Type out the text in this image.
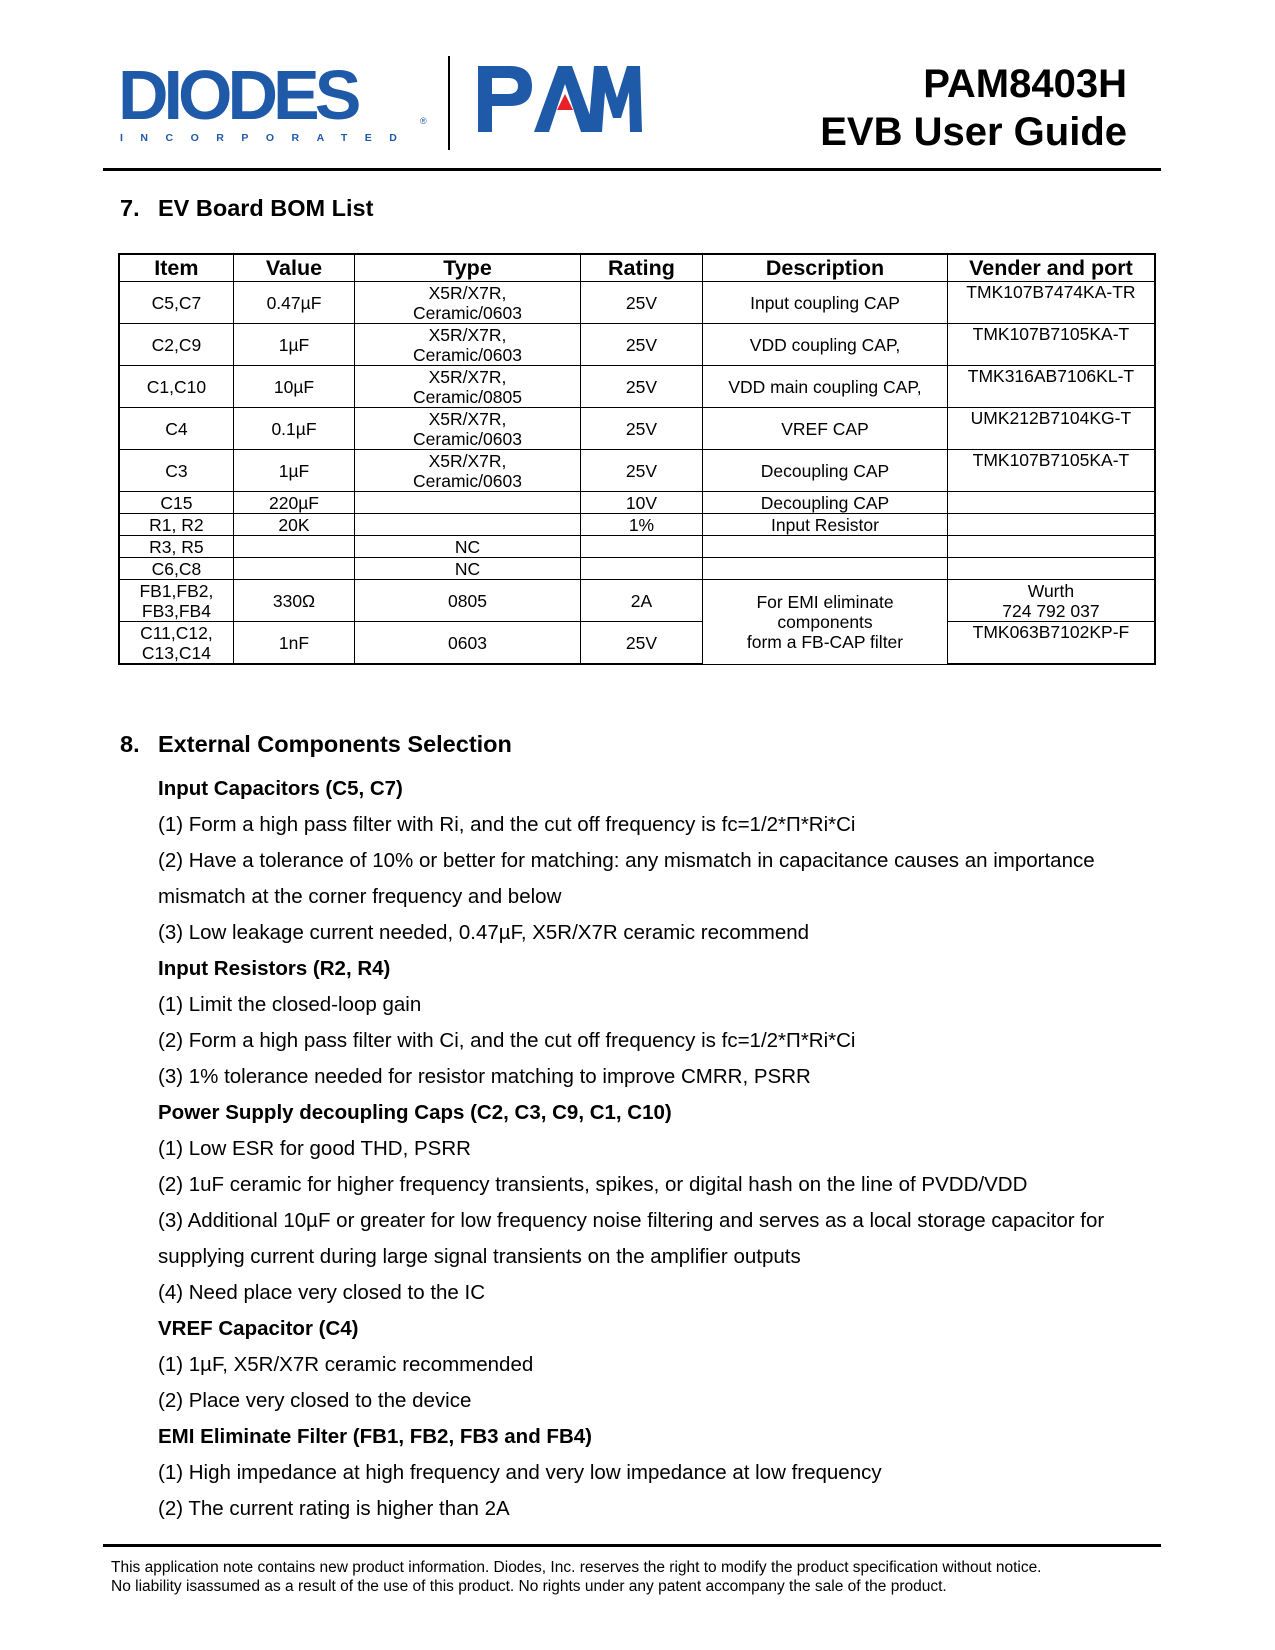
DIODES
INCORPORATED
®
PAM8403H
EVB User Guide
7. EV Board BOM List
Item	Value	Type	Rating	Description	Vender and port

C5,C7	0.47µF	X5R/X7R,
Ceramic/0603	25V	Input coupling CAP	TMK107B7474KA-TR

C2,C9	1µF	X5R/X7R,
Ceramic/0603	25V	VDD coupling CAP,	TMK107B7105KA-T

C1,C10	10µF	X5R/X7R,
Ceramic/0805	25V	VDD main coupling CAP,	TMK316AB7106KL-T

C4	0.1µF	X5R/X7R,
Ceramic/0603	25V	VREF CAP	UMK212B7104KG-T

C3	1µF	X5R/X7R,
Ceramic/0603	25V	Decoupling CAP	TMK107B7105KA-T

C15	220µF		10V	Decoupling CAP	

R1, R2	20K		1%	Input Resistor	

R3, R5		NC			

C6,C8		NC			

FB1,FB2,
FB3,FB4	330Ω	0805	2A	For EMI eliminate
components
form a FB-CAP filter	Wurth
724 792 037

C11,C12,
C13,C14	1nF	0603	25V		TMK063B7102KP-F
8. External Components Selection
Input Capacitors (C5, C7)
(1) Form a high pass filter with Ri, and the cut off frequency is fc=1/2*Π*Ri*Ci
(2) Have a tolerance of 10% or better for matching: any mismatch in capacitance causes an importance
mismatch at the corner frequency and below
(3) Low leakage current needed, 0.47µF, X5R/X7R ceramic recommend
Input Resistors (R2, R4)
(1) Limit the closed-loop gain
(2) Form a high pass filter with Ci, and the cut off frequency is fc=1/2*Π*Ri*Ci
(3) 1% tolerance needed for resistor matching to improve CMRR, PSRR
Power Supply decoupling Caps (C2, C3, C9, C1, C10)
(1) Low ESR for good THD, PSRR
(2) 1uF ceramic for higher frequency transients, spikes, or digital hash on the line of PVDD/VDD
(3) Additional 10µF or greater for low frequency noise filtering and serves as a local storage capacitor for
supplying current during large signal transients on the amplifier outputs
(4) Need place very closed to the IC
VREF Capacitor (C4)
(1) 1µF, X5R/X7R ceramic recommended
(2) Place very closed to the device
EMI Eliminate Filter (FB1, FB2, FB3 and FB4)
(1) High impedance at high frequency and very low impedance at low frequency
(2) The current rating is higher than 2A
This application note contains new product information. Diodes, Inc. reserves the right to modify the product specification without notice.
No liability isassumed as a result of the use of this product. No rights under any patent accompany the sale of the product.
